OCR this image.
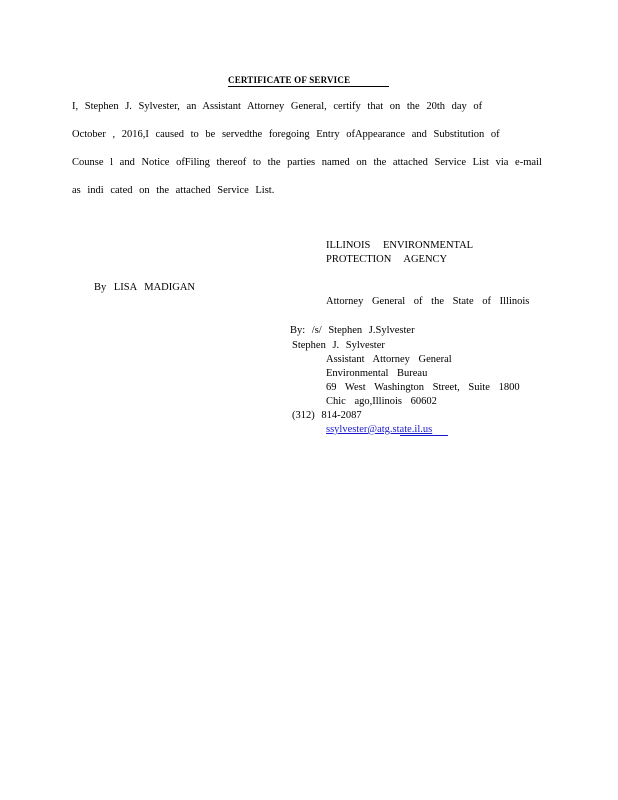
CERTIFICATE OF SERVICE
I, Stephen J. Sylvester, an Assistant Attorney General, certify that on the 20th day of
October , 2016,I caused to be servedthe foregoing Entry ofAppearance and Substitution of
Counse l and Notice ofFiling thereof to the parties named on the attached Service List via e-mail
as indi cated on the attached Service List.
ILLINOIS ENVIRONMENTAL
PROTECTION AGENCY
By LISA MADIGAN
Attorney General of the State of Illinois
By: /s/ Stephen J.Sylvester
Stephen J. Sylvester
Assistant Attorney General
Environmental Bureau
69 West Washington Street, Suite 1800
Chic ago,Illinois 60602
(312) 814-2087
ssylvester@atg.state.il.us
